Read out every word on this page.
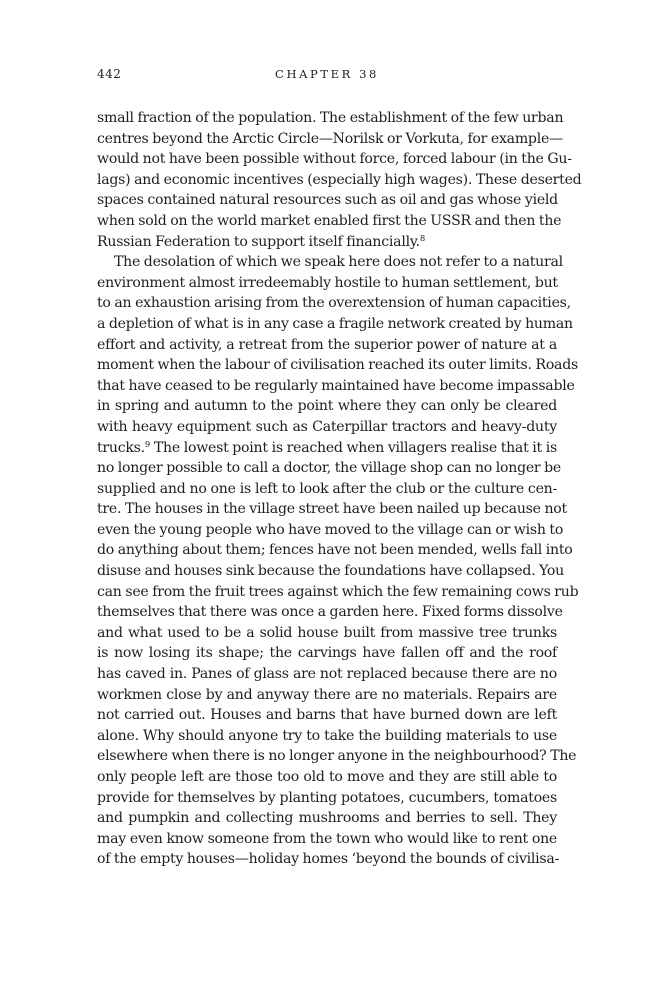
442	CHAPTER 38
small fraction of the population. The establishment of the few urban
centres beyond the Arctic Circle—Norilsk or Vorkuta, for example—
would not have been possible without force, forced labour (in the Gu-
lags) and economic incentives (especially high wages). These deserted
spaces contained natural resources such as oil and gas whose yield
when sold on the world market enabled first the USSR and then the
Russian Federation to support itself financially.$^8$
The desolation of which we speak here does not refer to a natural
environment almost irredeemably hostile to human settlement, but
to an exhaustion arising from the overextension of human capacities,
a depletion of what is in any case a fragile network created by human
effort and activity, a retreat from the superior power of nature at a
moment when the labour of civilisation reached its outer limits. Roads
that have ceased to be regularly maintained have become impassable
in spring and autumn to the point where they can only be cleared
with heavy equipment such as Caterpillar tractors and heavy-duty
trucks.$^9$ The lowest point is reached when villagers realise that it is
no longer possible to call a doctor, the village shop can no longer be
supplied and no one is left to look after the club or the culture cen-
tre. The houses in the village street have been nailed up because not
even the young people who have moved to the village can or wish to
do anything about them; fences have not been mended, wells fall into
disuse and houses sink because the foundations have collapsed. You
can see from the fruit trees against which the few remaining cows rub
themselves that there was once a garden here. Fixed forms dissolve
and what used to be a solid house built from massive tree trunks
is now losing its shape; the carvings have fallen off and the roof
has caved in. Panes of glass are not replaced because there are no
workmen close by and anyway there are no materials. Repairs are
not carried out. Houses and barns that have burned down are left
alone. Why should anyone try to take the building materials to use
elsewhere when there is no longer anyone in the neighbourhood? The
only people left are those too old to move and they are still able to
provide for themselves by planting potatoes, cucumbers, tomatoes
and pumpkin and collecting mushrooms and berries to sell. They
may even know someone from the town who would like to rent one
of the empty houses—holiday homes ‘beyond the bounds of civilisa-
